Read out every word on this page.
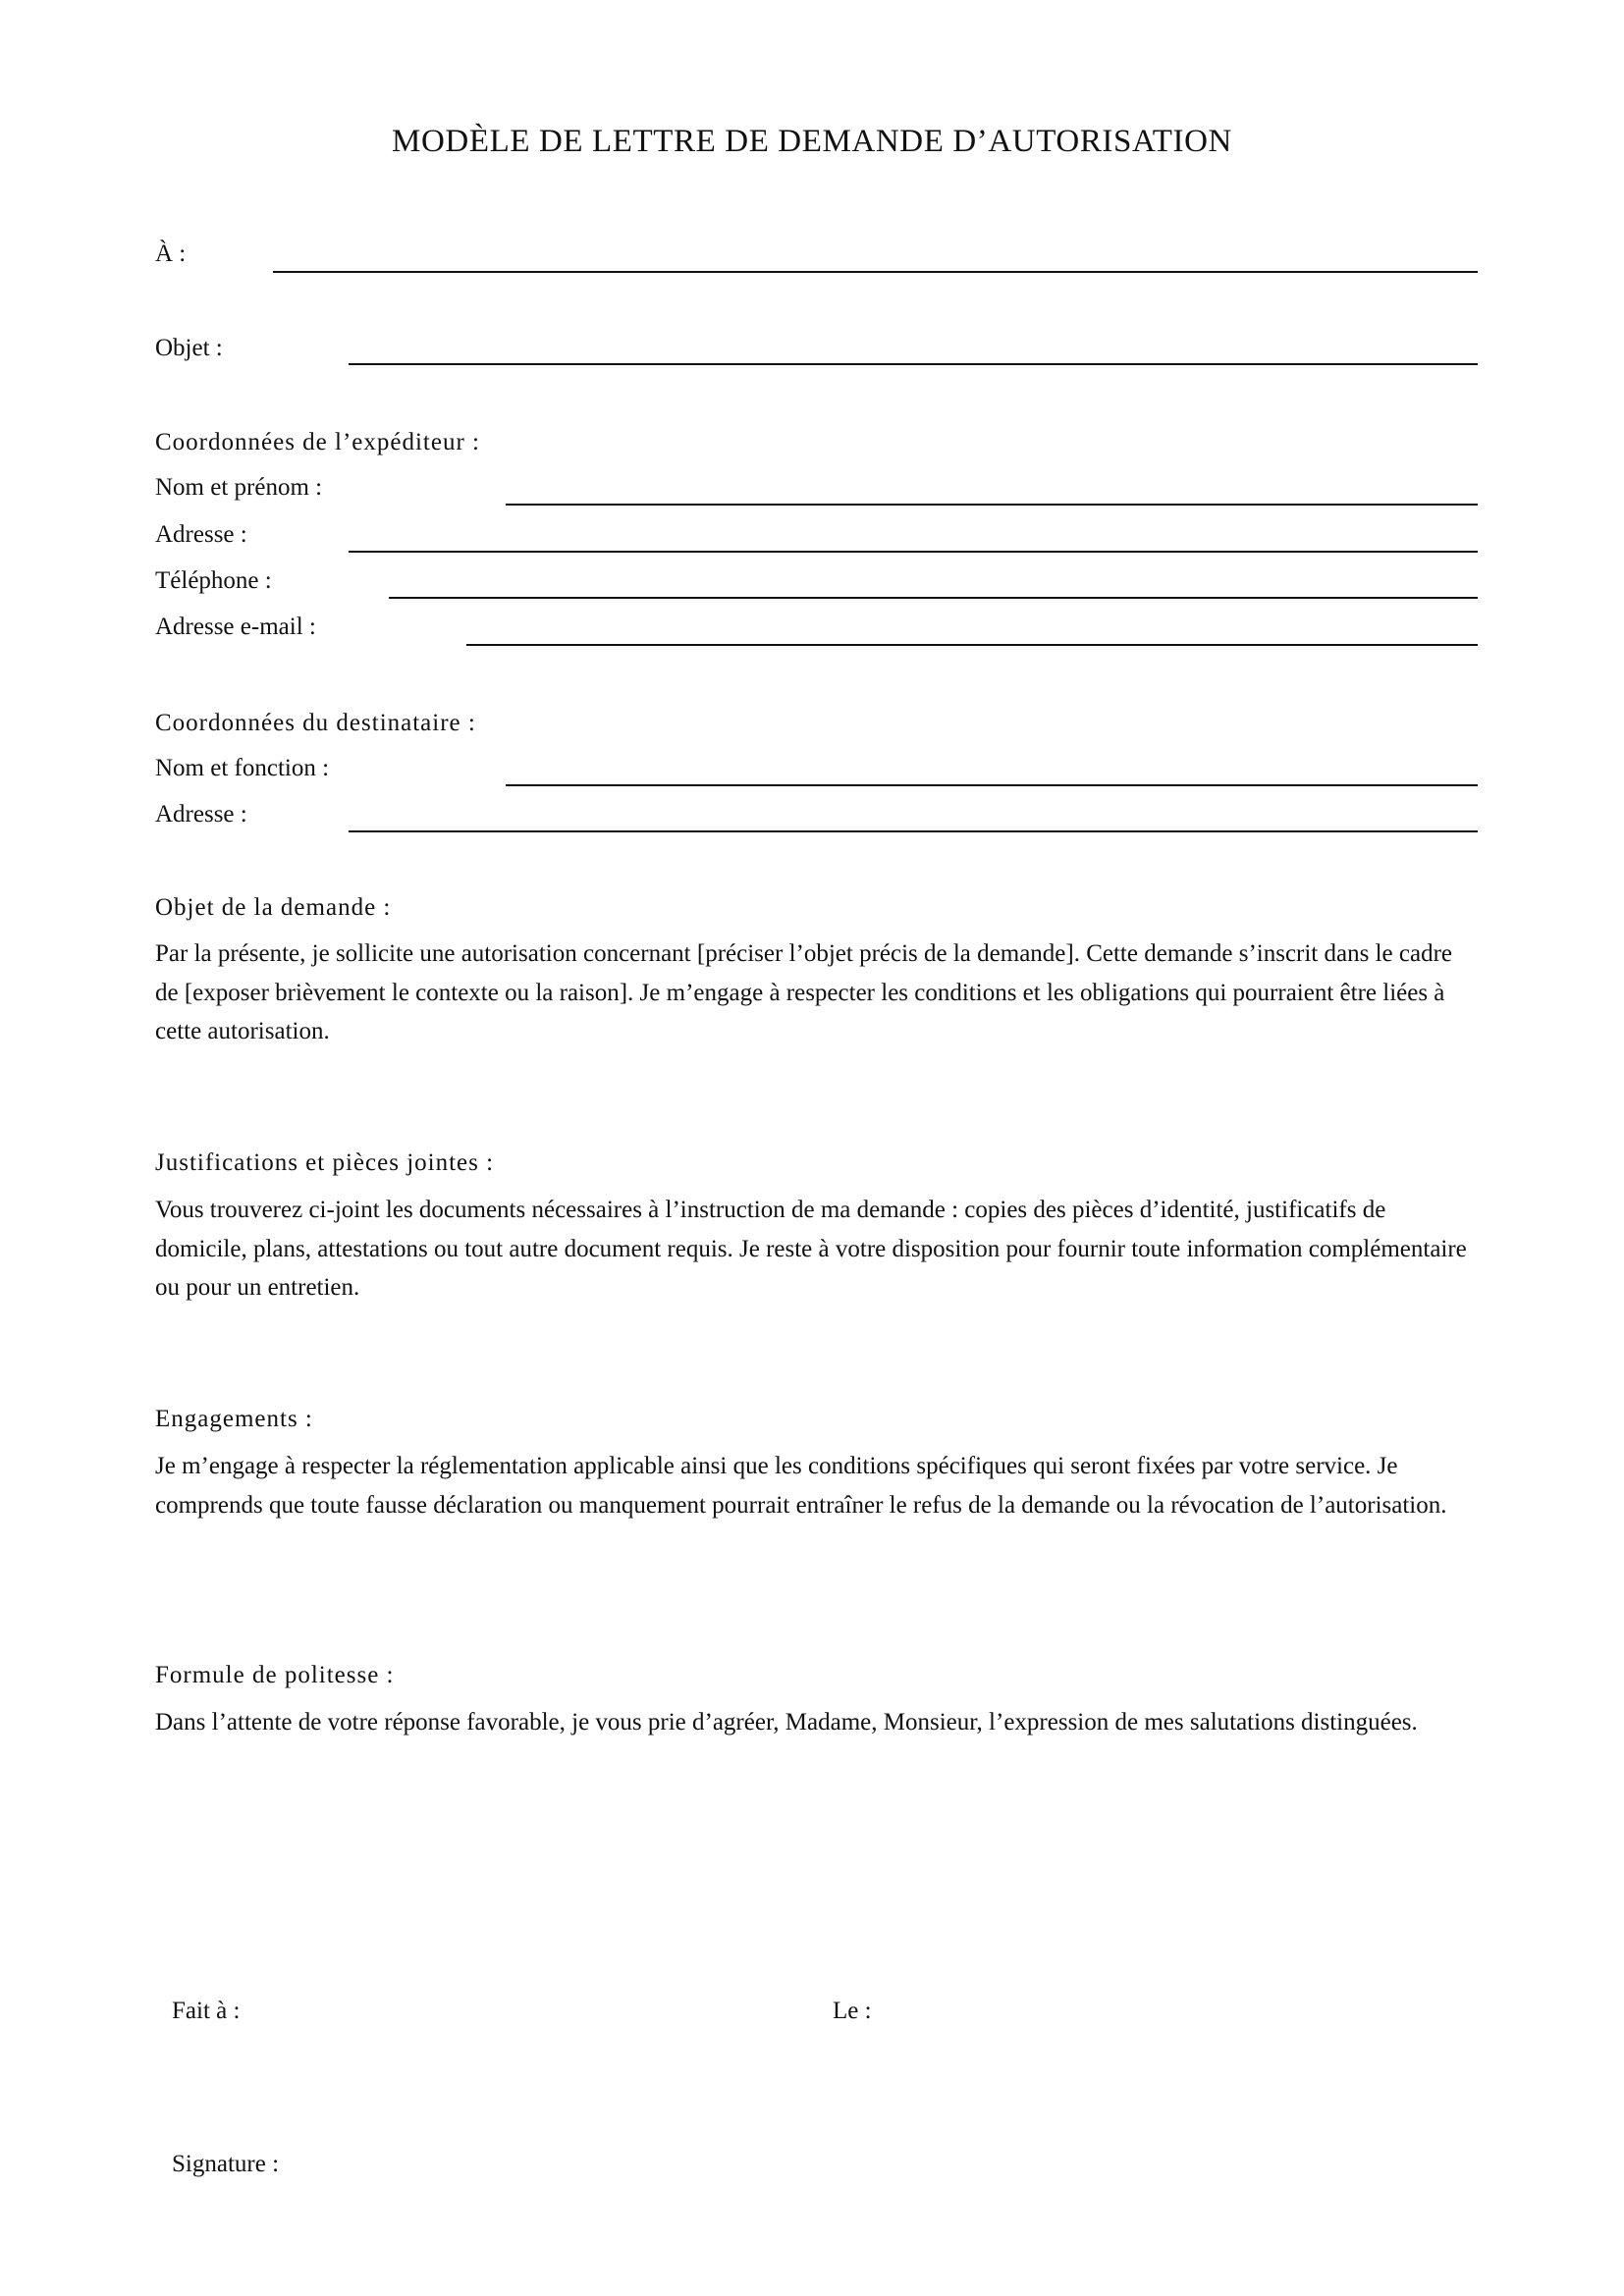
MODÈLE DE LETTRE DE DEMANDE D’AUTORISATION
À :
Objet :
Coordonnées de l’expéditeur :
Nom et prénom :
Adresse :
Téléphone :
Adresse e-mail :
Coordonnées du destinataire :
Nom et fonction :
Adresse :
Objet de la demande :
Par la présente, je sollicite une autorisation concernant [préciser l’objet précis de la demande]. Cette demande s’inscrit dans le cadre de [exposer brièvement le contexte ou la raison]. Je m’engage à respecter les conditions et les obligations qui pourraient être liées à cette autorisation.
Justifications et pièces jointes :
Vous trouverez ci-joint les documents nécessaires à l’instruction de ma demande : copies des pièces d’identité, justificatifs de domicile, plans, attestations ou tout autre document requis. Je reste à votre disposition pour fournir toute information complémentaire ou pour un entretien.
Engagements :
Je m’engage à respecter la réglementation applicable ainsi que les conditions spécifiques qui seront fixées par votre service. Je comprends que toute fausse déclaration ou manquement pourrait entraîner le refus de la demande ou la révocation de l’autorisation.
Formule de politesse :
Dans l’attente de votre réponse favorable, je vous prie d’agréer, Madame, Monsieur, l’expression de mes salutations distinguées.
Fait à :	Le :
Signature :
